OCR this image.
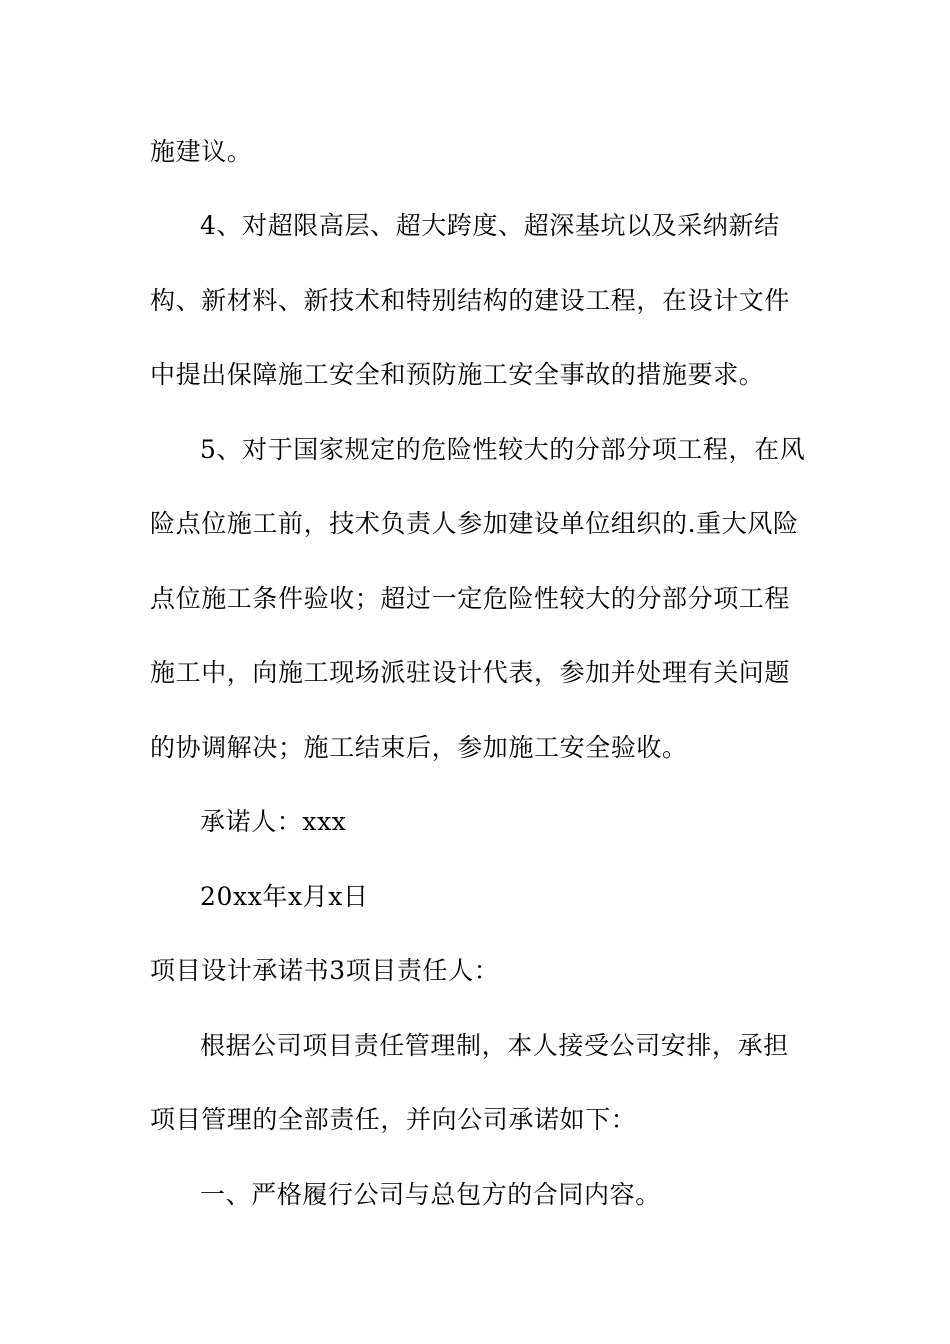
施建议。
4、对超限高层、超大跨度、超深基坑以及采纳新结
构、新材料、新技术和特别结构的建设工程，在设计文件
中提出保障施工安全和预防施工安全事故的措施要求。
5、对于国家规定的危险性较大的分部分项工程，在风
险点位施工前，技术负责人参加建设单位组织的.重大风险
点位施工条件验收；超过一定危险性较大的分部分项工程
施工中，向施工现场派驻设计代表，参加并处理有关问题
的协调解决；施工结束后，参加施工安全验收。
承诺人：xxx
20xx年x月x日
项目设计承诺书3项目责任人：
根据公司项目责任管理制，本人接受公司安排，承担
项目管理的全部责任，并向公司承诺如下：
一、严格履行公司与总包方的合同内容。
